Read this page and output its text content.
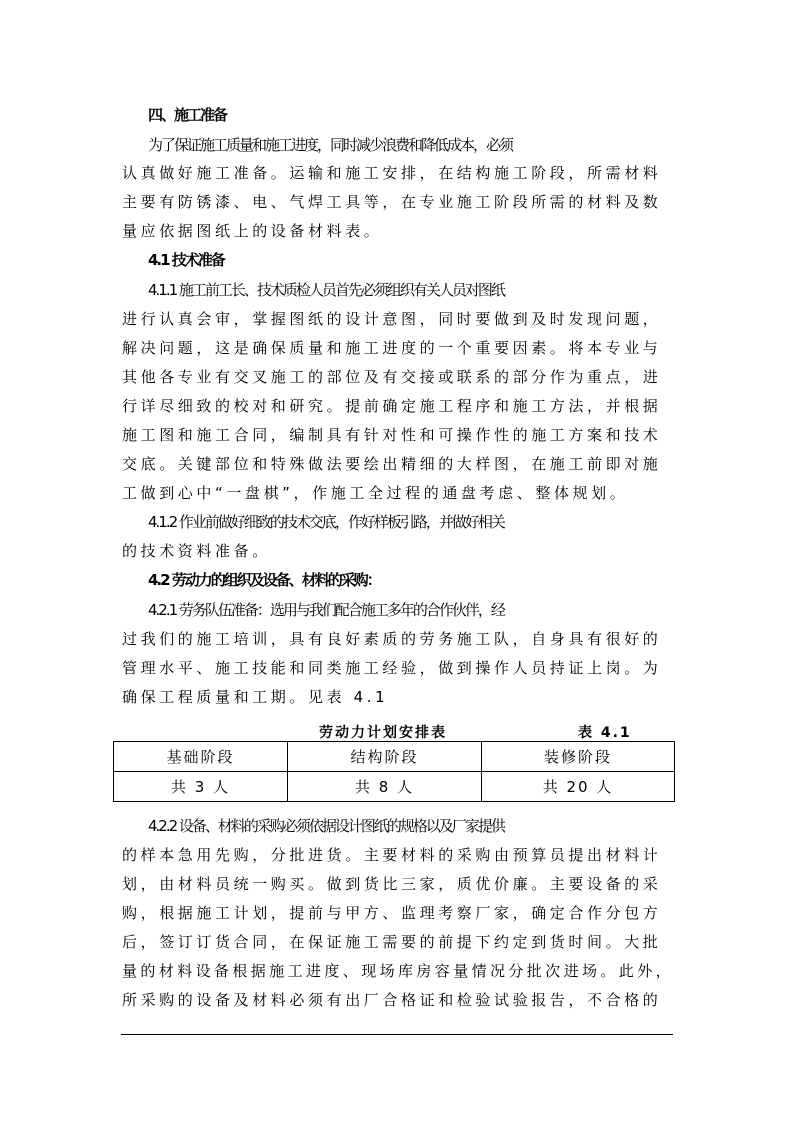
四、施工准备
为了保证施工质量和施工进度，同时减少浪费和降低成本，必须
认真做好施工准备。运输和施工安排，在结构施工阶段，所需材料
主要有防锈漆、电、气焊工具等，在专业施工阶段所需的材料及数
量应依据图纸上的设备材料表。
4.1 技术准备
4.1.1 施工前工长、技术质检人员首先必须组织有关人员对图纸
进行认真会审，掌握图纸的设计意图，同时要做到及时发现问题，
解决问题，这是确保质量和施工进度的一个重要因素。将本专业与
其他各专业有交叉施工的部位及有交接或联系的部分作为重点，进
行详尽细致的校对和研究。提前确定施工程序和施工方法，并根据
施工图和施工合同，编制具有针对性和可操作性的施工方案和技术
交底。关键部位和特殊做法要绘出精细的大样图，在施工前即对施
工做到心中“一盘棋”，作施工全过程的通盘考虑、整体规划。
4.1.2 作业前做好细致的技术交底，作好样板引路，并做好相关
的技术资料准备。
4.2 劳动力的组织及设备、材料的采购：
4.2.1 劳务队伍准备：选用与我们配合施工多年的合作伙伴，经
过我们的施工培训，具有良好素质的劳务施工队，自身具有很好的
管理水平、施工技能和同类施工经验，做到操作人员持证上岗。为
确保工程质量和工期。见表 4.1
劳动力计划安排表	表 4.1
基础阶段	结构阶段	装修阶段
共 3 人	共 8 人	共 20 人
4.2.2 设备、材料的采购必须依据设计图纸的规格以及厂家提供
的样本急用先购，分批进货。主要材料的采购由预算员提出材料计
划，由材料员统一购买。做到货比三家，质优价廉。主要设备的采
购，根据施工计划，提前与甲方、监理考察厂家，确定合作分包方
后，签订订货合同，在保证施工需要的前提下约定到货时间。大批
量的材料设备根据施工进度、现场库房容量情况分批次进场。此外，
所采购的设备及材料必须有出厂合格证和检验试验报告，不合格的
